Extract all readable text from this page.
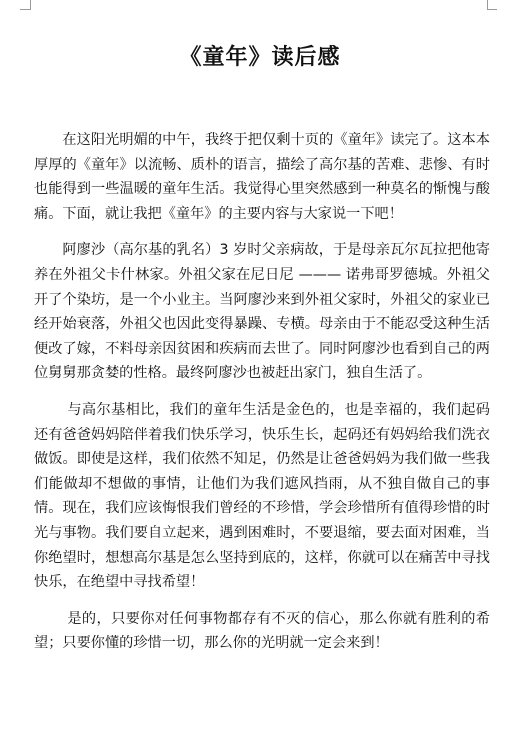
《童年》读后感

在这阳光明媚的中午，我终于把仅剩十页的《童年》读完了。这本本厚厚的《童年》以流畅、质朴的语言，描绘了高尔基的苦难、悲惨、有时也能得到一些温暖的童年生活。我觉得心里突然感到一种莫名的惭愧与酸痛。下面，就让我把《童年》的主要内容与大家说一下吧！

阿廖沙（高尔基的乳名）3 岁时父亲病故，于是母亲瓦尔瓦拉把他寄养在外祖父卡什林家。外祖父家在尼日尼 ——— 诺弗哥罗德城。外祖父开了个染坊，是一个小业主。当阿廖沙来到外祖父家时，外祖父的家业已经开始衰落，外祖父也因此变得暴躁、专横。母亲由于不能忍受这种生活便改了嫁，不料母亲因贫困和疾病而去世了。同时阿廖沙也看到自己的两位舅舅那贪婪的性格。最终阿廖沙也被赶出家门，独自生活了。

与高尔基相比，我们的童年生活是金色的，也是幸福的，我们起码还有爸爸妈妈陪伴着我们快乐学习，快乐生长，起码还有妈妈给我们洗衣做饭。即使是这样，我们依然不知足，仍然是让爸爸妈妈为我们做一些我们能做却不想做的事情，让他们为我们遮风挡雨，从不独自做自己的事情。现在，我们应该悔恨我们曾经的不珍惜，学会珍惜所有值得珍惜的时光与事物。我们要自立起来，遇到困难时，不要退缩，要去面对困难，当你绝望时，想想高尔基是怎么坚持到底的，这样，你就可以在痛苦中寻找快乐，在绝望中寻找希望！

是的，只要你对任何事物都存有不灭的信心，那么你就有胜利的希望；只要你懂的珍惜一切，那么你的光明就一定会来到！
